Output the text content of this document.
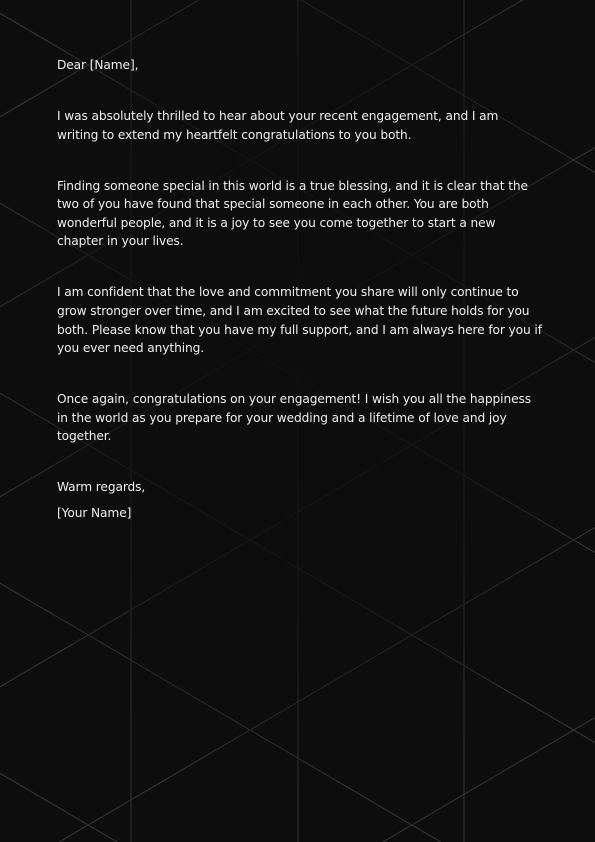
Dear [Name],

I was absolutely thrilled to hear about your recent engagement, and I am writing to extend my heartfelt congratulations to you both.

Finding someone special in this world is a true blessing, and it is clear that the two of you have found that special someone in each other. You are both wonderful people, and it is a joy to see you come together to start a new chapter in your lives.

I am confident that the love and commitment you share will only continue to grow stronger over time, and I am excited to see what the future holds for you both. Please know that you have my full support, and I am always here for you if you ever need anything.

Once again, congratulations on your engagement! I wish you all the happiness in the world as you prepare for your wedding and a lifetime of love and joy together.

Warm regards,

[Your Name]
